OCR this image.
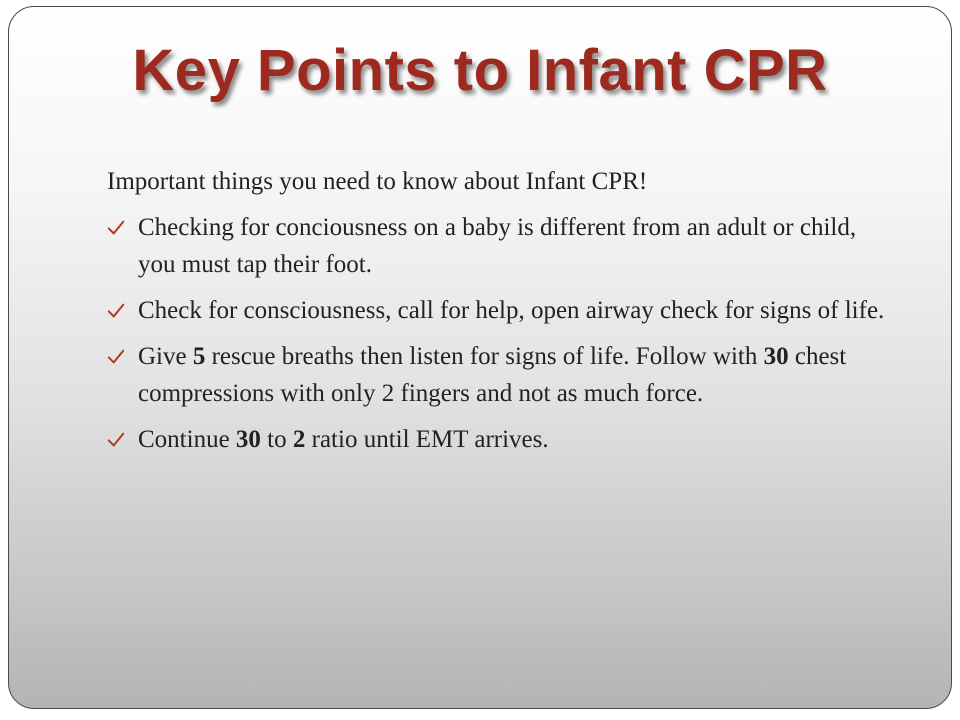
Key Points to Infant CPR

Important things you need to know about Infant CPR!

Checking for conciousness on a baby is different from an adult or child, you must tap their foot.
Check for consciousness, call for help, open airway check for signs of life.
Give 5 rescue breaths then listen for signs of life. Follow with 30 chest compressions with only 2 fingers and not as much force.
Continue 30 to 2 ratio until EMT arrives.
